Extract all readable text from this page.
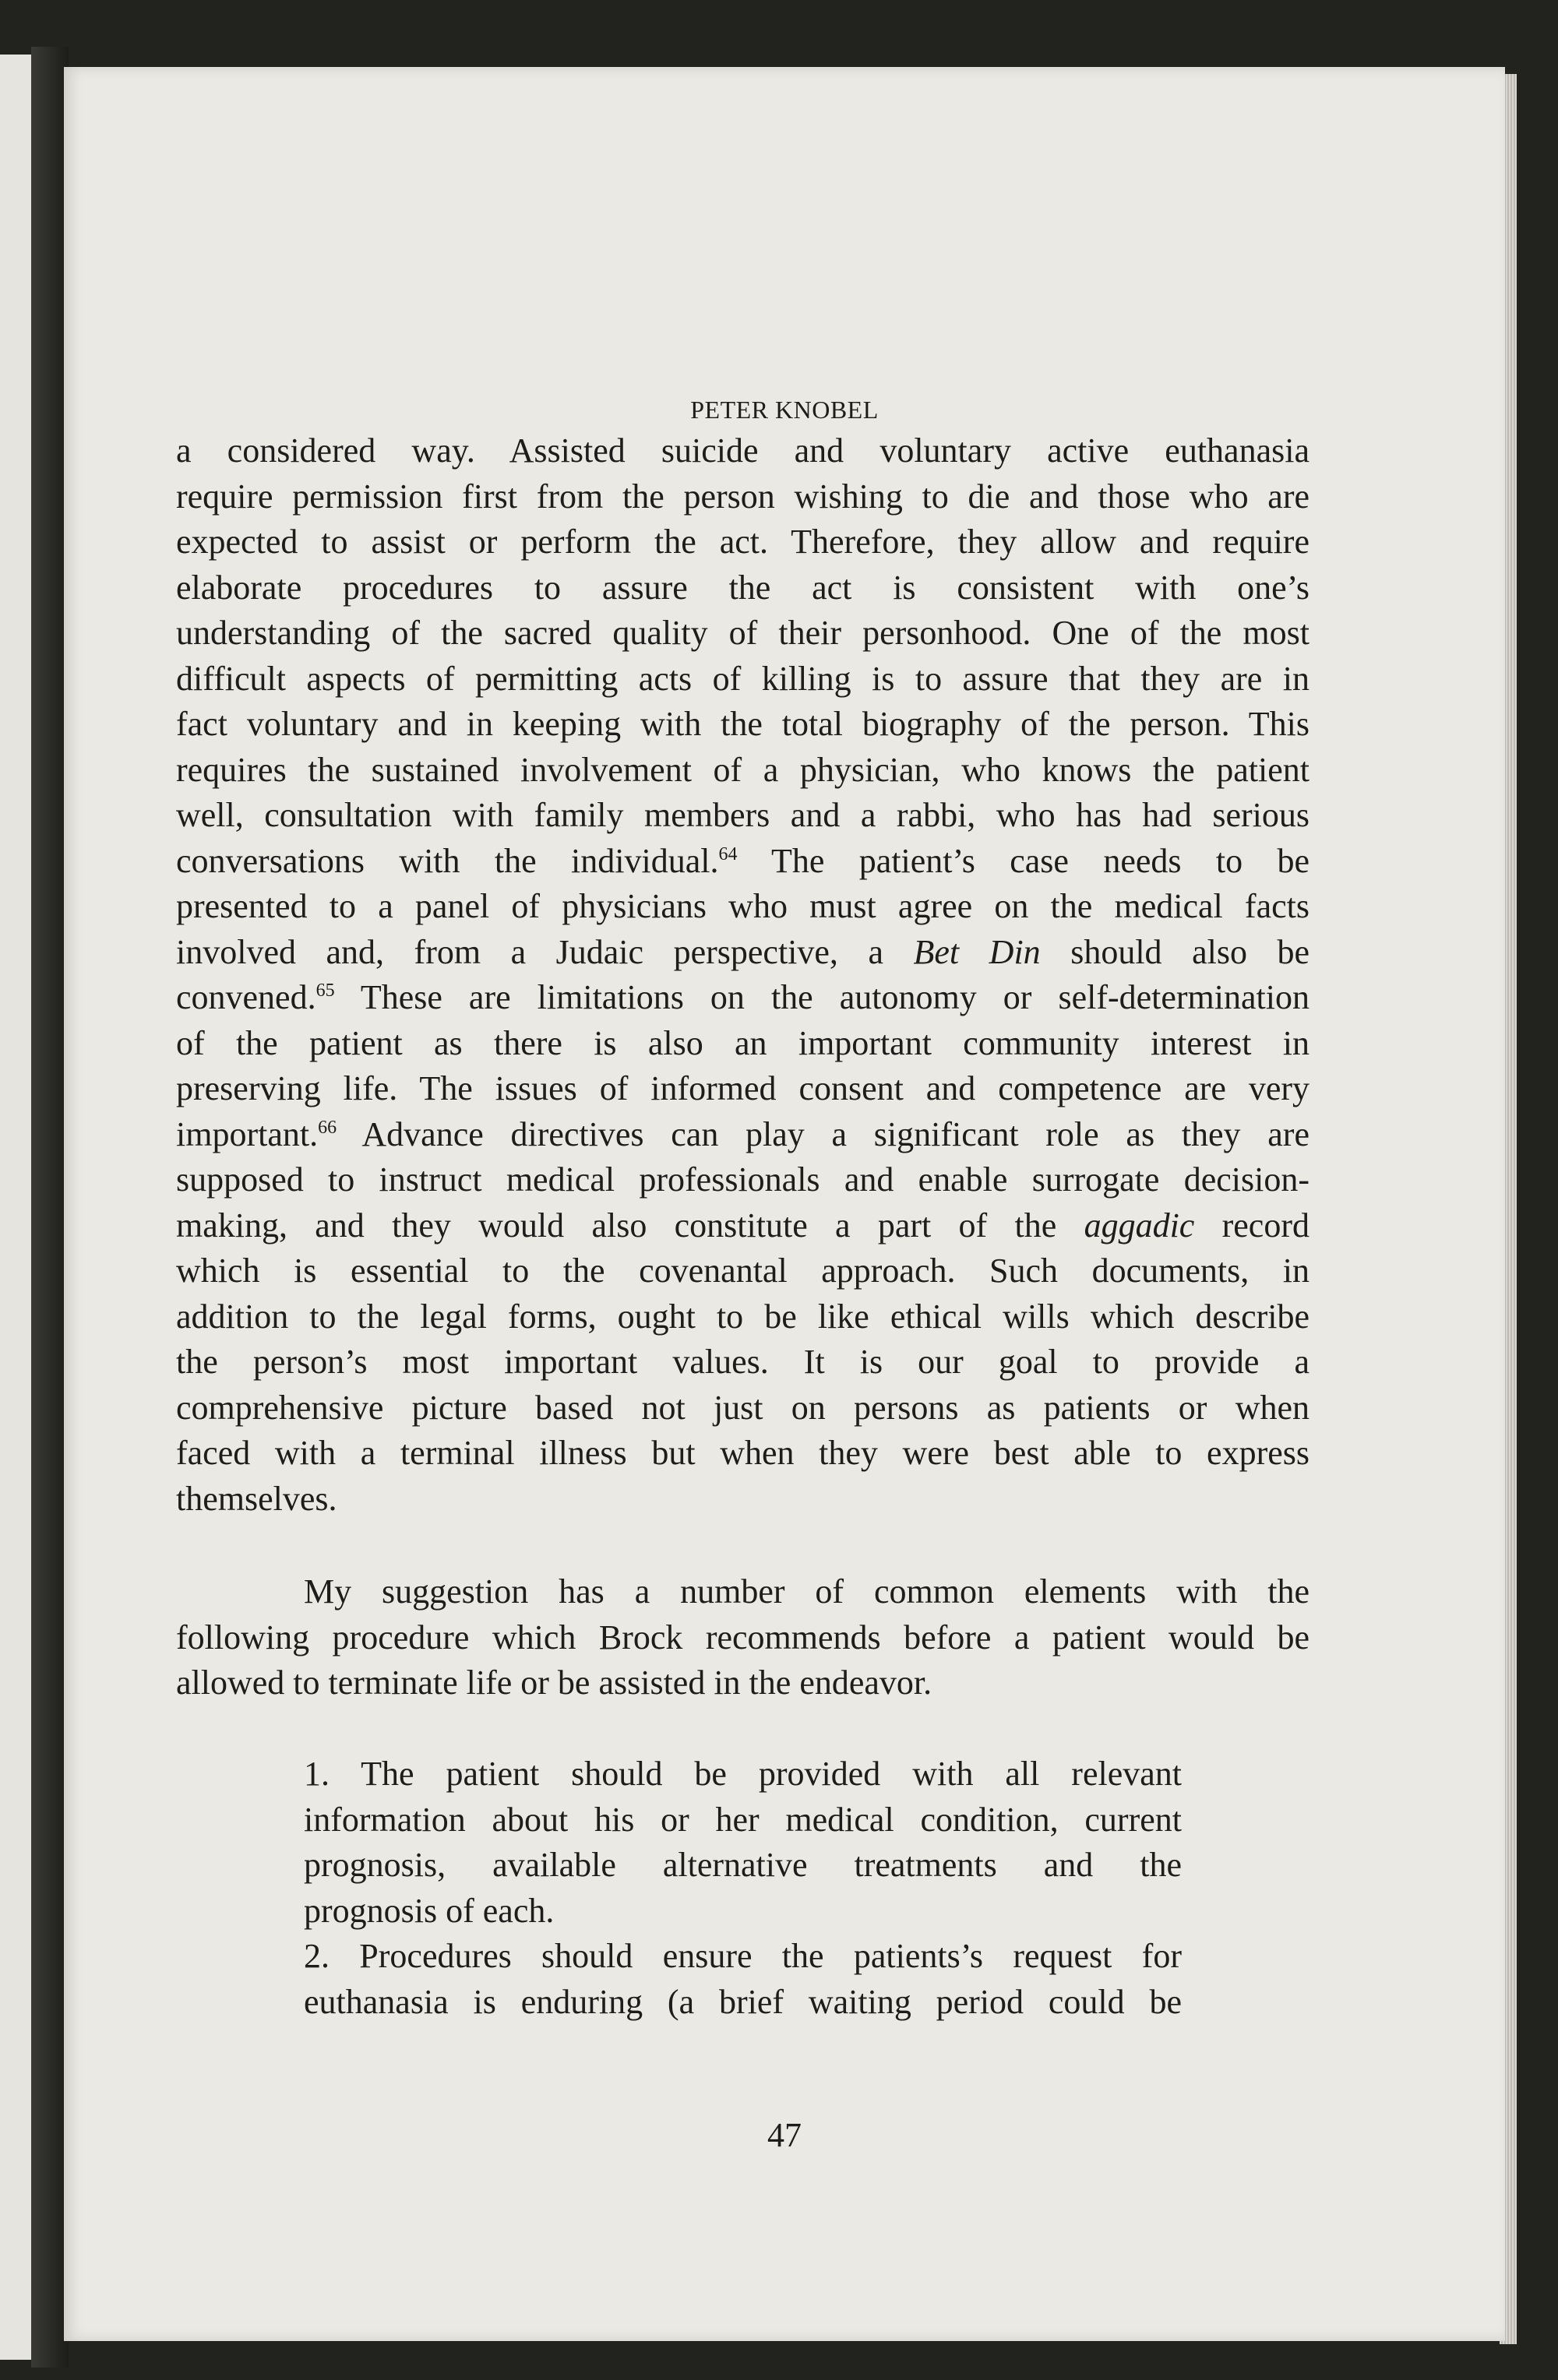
PETER KNOBEL
a considered way. Assisted suicide and voluntary active euthanasia
require permission first from the person wishing to die and those who are
expected to assist or perform the act. Therefore, they allow and require
elaborate procedures to assure the act is consistent with one’s
understanding of the sacred quality of their personhood. One of the most
difficult aspects of permitting acts of killing is to assure that they are in
fact voluntary and in keeping with the total biography of the person. This
requires the sustained involvement of a physician, who knows the patient
well, consultation with family members and a rabbi, who has had serious
conversations with the individual.$^{64}$ The patient’s case needs to be
presented to a panel of physicians who must agree on the medical facts
involved and, from a Judaic perspective, a Bet Din should also be
convened.$^{65}$ These are limitations on the autonomy or self-determination
of the patient as there is also an important community interest in
preserving life. The issues of informed consent and competence are very
important.$^{66}$ Advance directives can play a significant role as they are
supposed to instruct medical professionals and enable surrogate decision-
making, and they would also constitute a part of the aggadic record
which is essential to the covenantal approach. Such documents, in
addition to the legal forms, ought to be like ethical wills which describe
the person’s most important values. It is our goal to provide a
comprehensive picture based not just on persons as patients or when
faced with a terminal illness but when they were best able to express
themselves.
My suggestion has a number of common elements with the
following procedure which Brock recommends before a patient would be
allowed to terminate life or be assisted in the endeavor.
1. The patient should be provided with all relevant
information about his or her medical condition, current
prognosis, available alternative treatments and the
prognosis of each.
2. Procedures should ensure the patients’s request for
euthanasia is enduring (a brief waiting period could be
47
